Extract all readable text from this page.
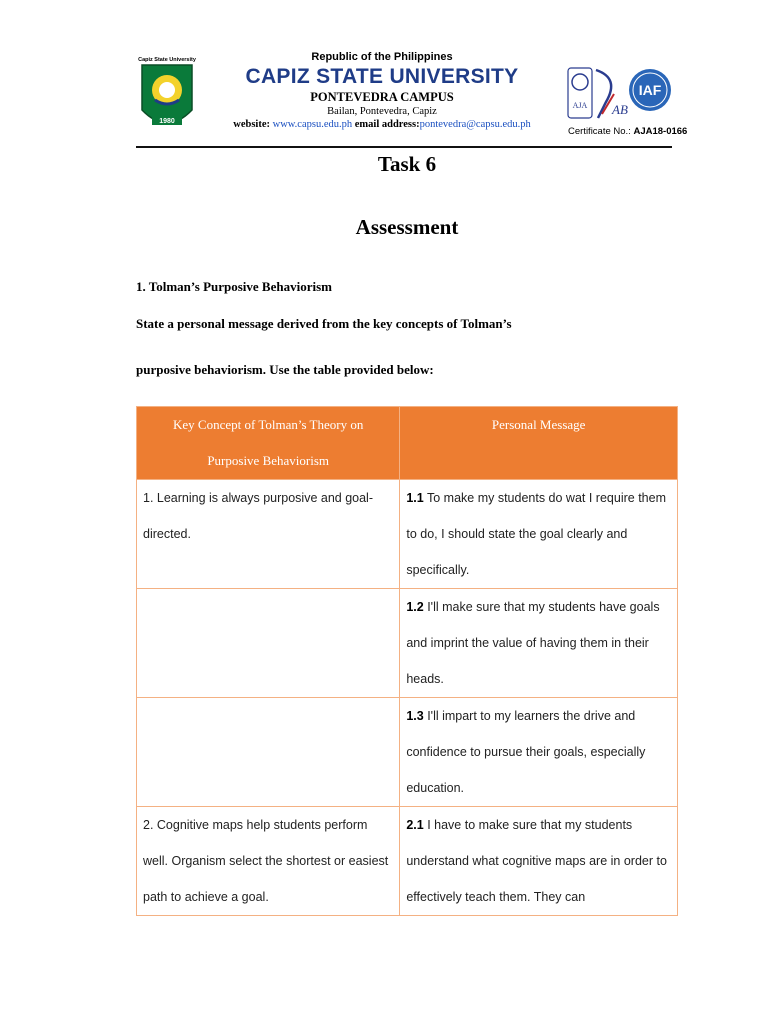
Capiz State University
1980
Republic of the Philippines
CAPIZ STATE UNIVERSITY
PONTEVEDRA CAMPUS
Bailan, Pontevedra, Capiz
website: www.capsu.edu.ph email address:pontevedra@capsu.edu.ph
AJA AB
IAF
Certificate No.: AJA18-0166
Task 6
Assessment
1. Tolman’s Purposive Behaviorism
State a personal message derived from the key concepts of Tolman’s
purposive behaviorism. Use the table provided below:
Key Concept of Tolman’s Theory on
Purposive Behaviorism	Personal Message
1. Learning is always purposive and goal-directed.	1.1 To make my students do wat I require them to do, I should state the goal clearly and specifically.
	1.2 I'll make sure that my students have goals and imprint the value of having them in their heads.
	1.3 I'll impart to my learners the drive and confidence to pursue their goals, especially education.
2. Cognitive maps help students perform well. Organism select the shortest or easiest path to achieve a goal.	2.1 I have to make sure that my students understand what cognitive maps are in order to effectively teach them. They can
